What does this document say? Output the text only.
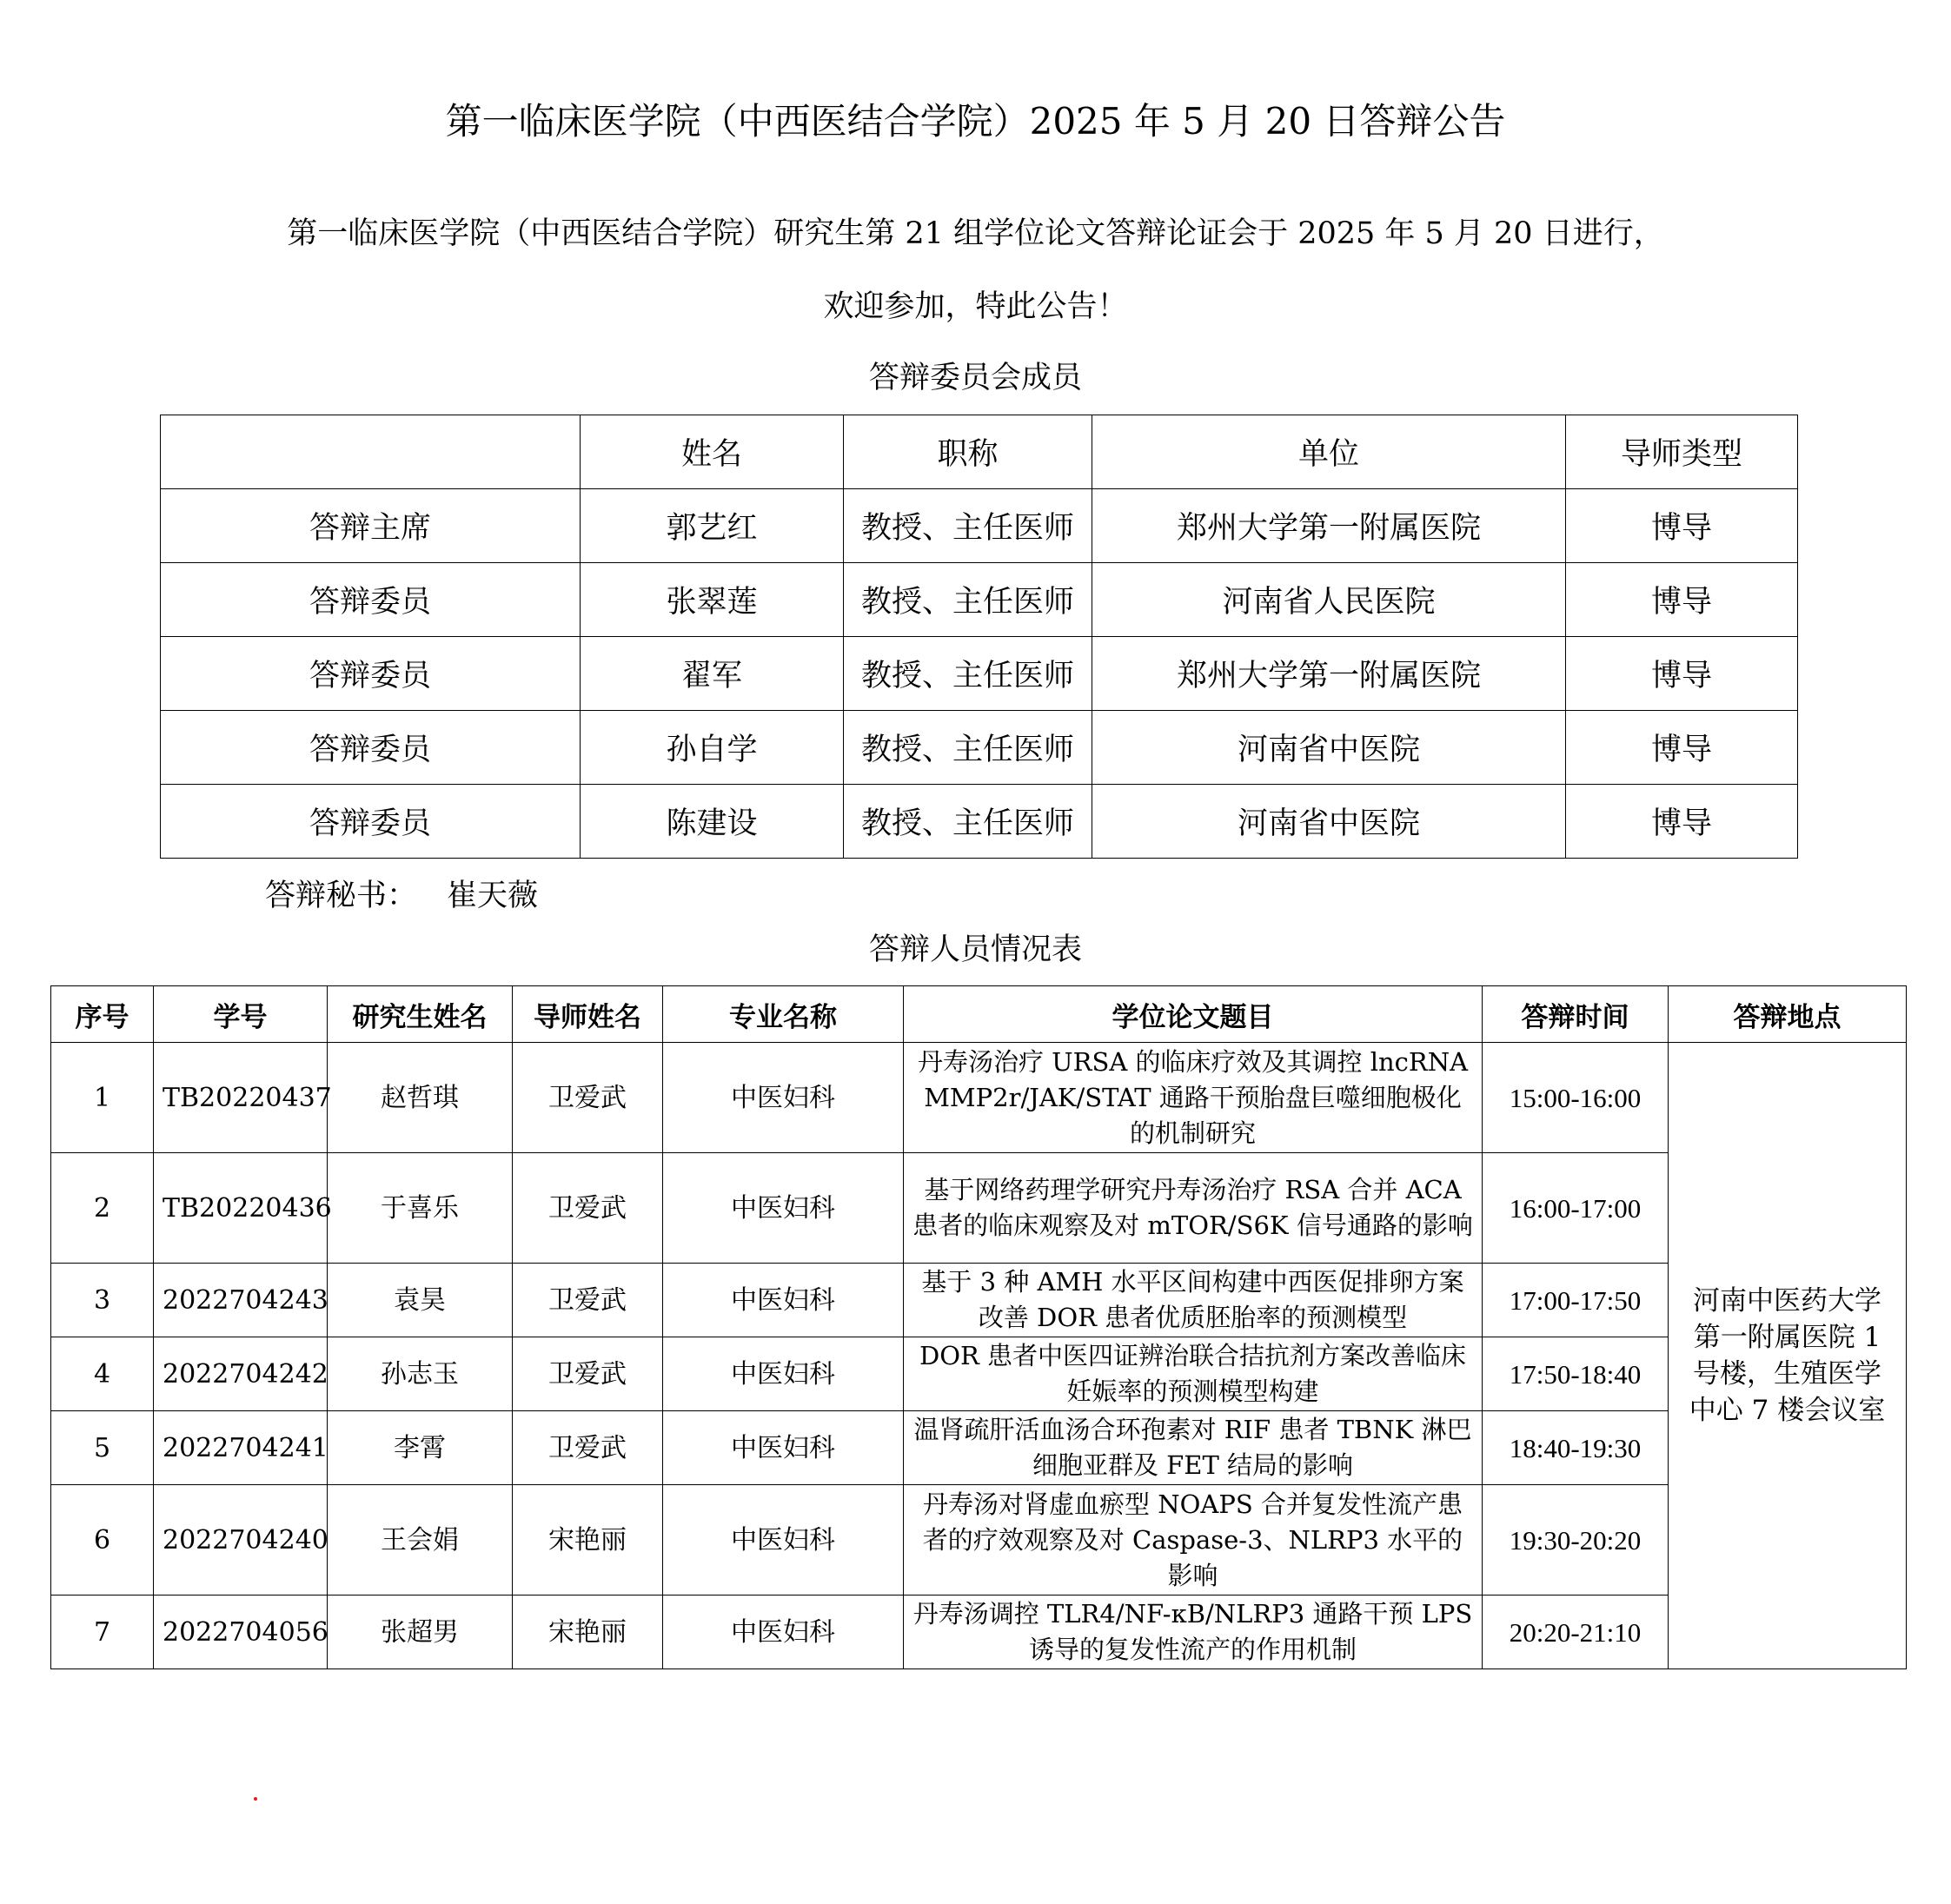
第一临床医学院（中西医结合学院）2025 年 5 月 20 日答辩公告
第一临床医学院（中西医结合学院）研究生第 21 组学位论文答辩论证会于 2025 年 5 月 20 日进行，
欢迎参加，特此公告！
答辩委员会成员
	姓名	职称	单位	导师类型
答辩主席	郭艺红	教授、主任医师	郑州大学第一附属医院	博导
答辩委员	张翠莲	教授、主任医师	河南省人民医院	博导
答辩委员	翟军	教授、主任医师	郑州大学第一附属医院	博导
答辩委员	孙自学	教授、主任医师	河南省中医院	博导
答辩委员	陈建设	教授、主任医师	河南省中医院	博导
答辩秘书： 崔天薇
答辩人员情况表
序号	学号	研究生姓名	导师姓名	专业名称	学位论文题目	答辩时间	答辩地点
1	TB20220437	赵哲琪	卫爱武	中医妇科	丹寿汤治疗 URSA 的临床疗效及其调控 lncRNA MMP2r/JAK/STAT 通路干预胎盘巨噬细胞极化的机制研究	15:00-16:00	河南中医药大学第一附属医院 1 号楼，生殖医学中心 7 楼会议室
2	TB20220436	于喜乐	卫爱武	中医妇科	基于网络药理学研究丹寿汤治疗 RSA 合并 ACA 患者的临床观察及对 mTOR/S6K 信号通路的影响	16:00-17:00	
3	2022704243	袁昊	卫爱武	中医妇科	基于 3 种 AMH 水平区间构建中西医促排卵方案改善 DOR 患者优质胚胎率的预测模型	17:00-17:50	
4	2022704242	孙志玉	卫爱武	中医妇科	DOR 患者中医四证辨治联合拮抗剂方案改善临床妊娠率的预测模型构建	17:50-18:40	
5	2022704241	李霄	卫爱武	中医妇科	温肾疏肝活血汤合环孢素对 RIF 患者 TBNK 淋巴细胞亚群及 FET 结局的影响	18:40-19:30	
6	2022704240	王会娟	宋艳丽	中医妇科	丹寿汤对肾虚血瘀型 NOAPS 合并复发性流产患者的疗效观察及对 Caspase-3、NLRP3 水平的影响	19:30-20:20	
7	2022704056	张超男	宋艳丽	中医妇科	丹寿汤调控 TLR4/NF-κB/NLRP3 通路干预 LPS 诱导的复发性流产的作用机制	20:20-21:10	
